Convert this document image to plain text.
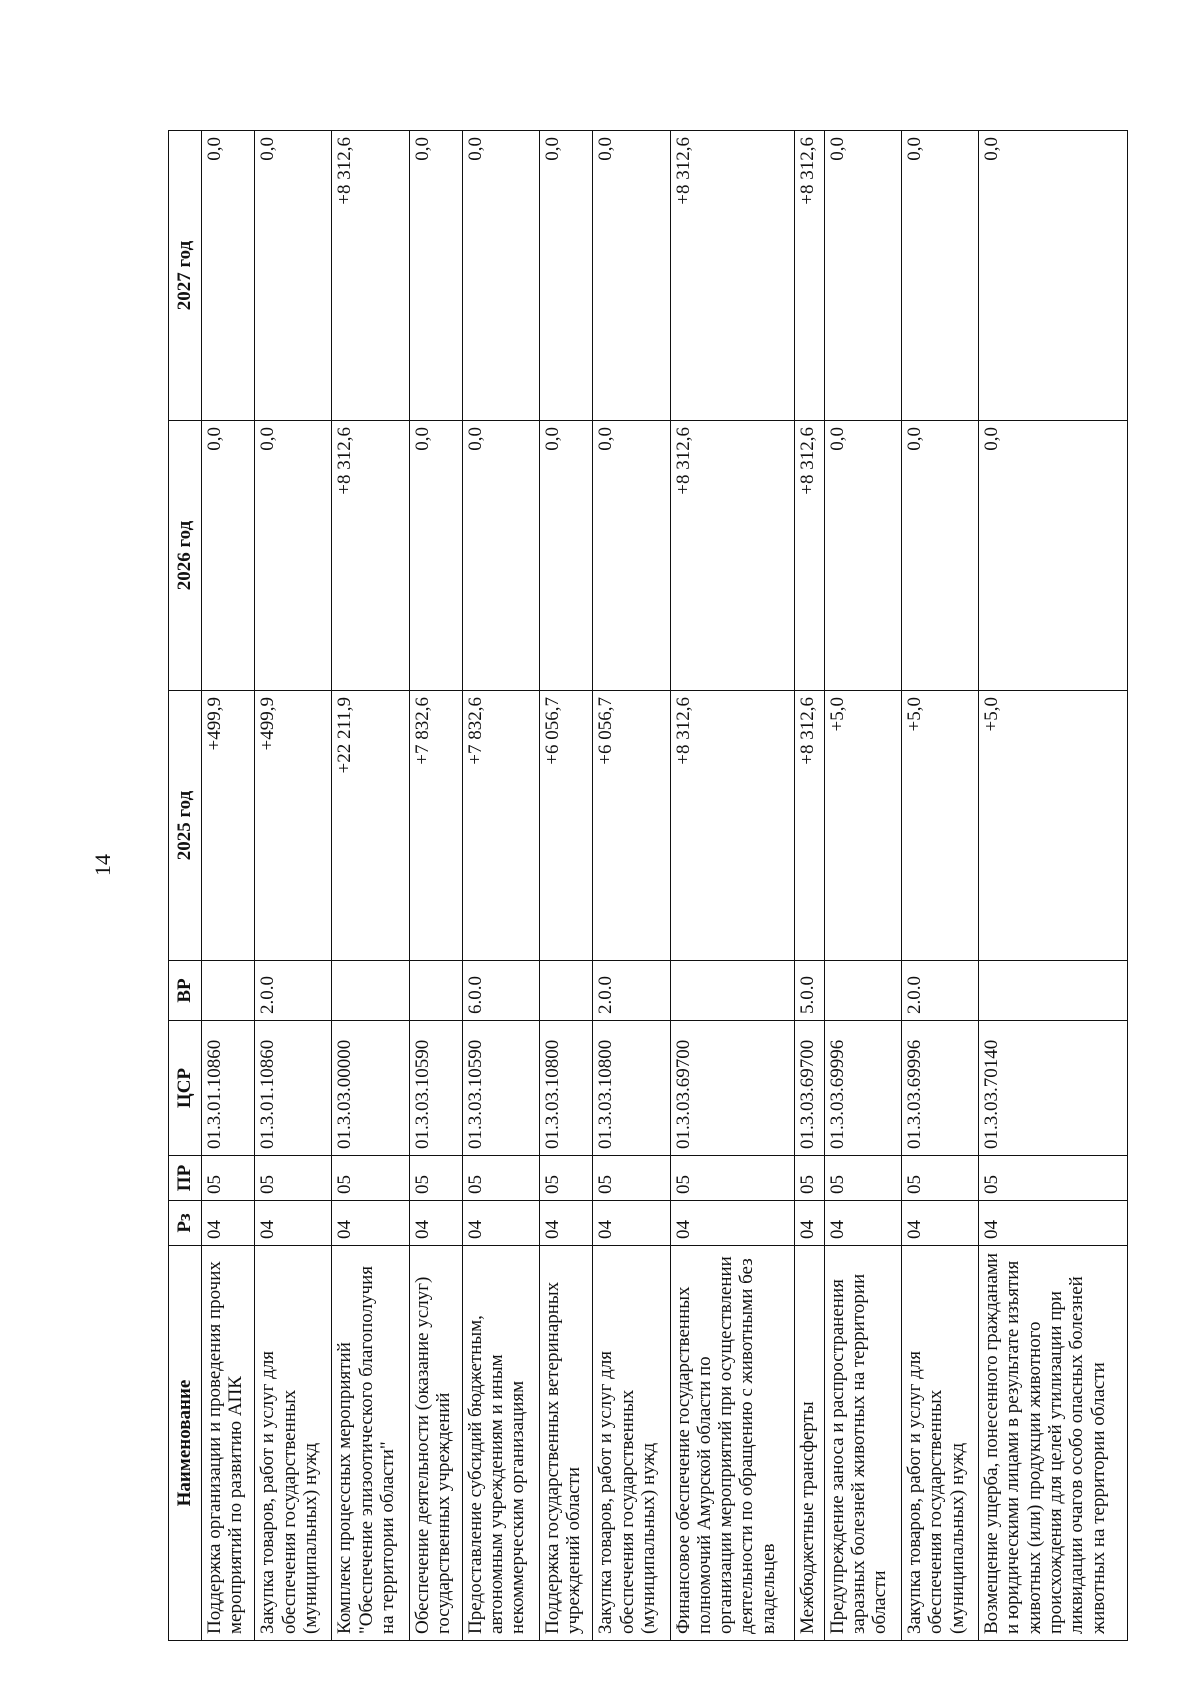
14
Наименование	Рз	ПР	ЦСР	ВР	2025 год	2026 год	2027 год
Поддержка организации и проведения прочих мероприятий по развитию АПК	04	05	01.3.01.10860		+499,9	0,0	0,0
Закупка товаров, работ и услуг для обеспечения государственных (муниципальных) нужд	04	05	01.3.01.10860	2.0.0	+499,9	0,0	0,0
Комплекс процессных мероприятий "Обеспечение эпизоотического благополучия на территории области"	04	05	01.3.03.00000		+22 211,9	+8 312,6	+8 312,6
Обеспечение деятельности (оказание услуг) государственных учреждений	04	05	01.3.03.10590		+7 832,6	0,0	0,0
Предоставление субсидий бюджетным, автономным учреждениям и иным некоммерческим организациям	04	05	01.3.03.10590	6.0.0	+7 832,6	0,0	0,0
Поддержка государственных ветеринарных учреждений области	04	05	01.3.03.10800		+6 056,7	0,0	0,0
Закупка товаров, работ и услуг для обеспечения государственных (муниципальных) нужд	04	05	01.3.03.10800	2.0.0	+6 056,7	0,0	0,0
Финансовое обеспечение государственных полномочий Амурской области по организации мероприятий при осуществлении деятельности по обращению с животными без владельцев	04	05	01.3.03.69700		+8 312,6	+8 312,6	+8 312,6
Межбюджетные трансферты	04	05	01.3.03.69700	5.0.0	+8 312,6	+8 312,6	+8 312,6
Предупреждение заноса и распространения заразных болезней животных на территории области	04	05	01.3.03.69996		+5,0	0,0	0,0
Закупка товаров, работ и услуг для обеспечения государственных (муниципальных) нужд	04	05	01.3.03.69996	2.0.0	+5,0	0,0	0,0
Возмещение ущерба, понесенного гражданами и юридическими лицами в результате изъятия животных (или) продукции животного происхождения для целей утилизации при ликвидации очагов особо опасных болезней животных на территории области	04	05	01.3.03.70140		+5,0	0,0	0,0
